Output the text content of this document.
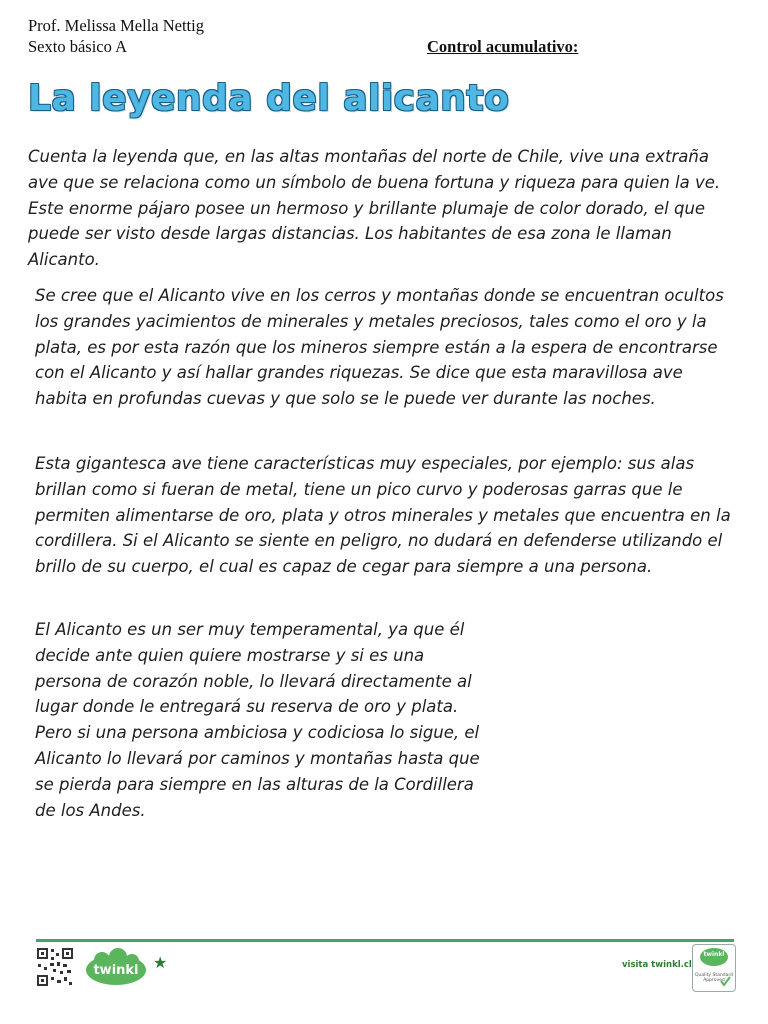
Prof. Melissa Mella Nettig
Sexto básico A	Control acumulativo:
La leyenda del alicanto

Cuenta la leyenda que, en las altas montañas del norte de Chile, vive una extraña ave que se relaciona como un símbolo de buena fortuna y riqueza para quien la ve. Este enorme pájaro posee un hermoso y brillante plumaje de color dorado, el que puede ser visto desde largas distancias. Los habitantes de esa zona le llaman Alicanto.

Se cree que el Alicanto vive en los cerros y montañas donde se encuentran ocultos los grandes yacimientos de minerales y metales preciosos, tales como el oro y la plata, es por esta razón que los mineros siempre están a la espera de encontrarse con el Alicanto y así hallar grandes riquezas. Se dice que esta maravillosa ave habita en profundas cuevas y que solo se le puede ver durante las noches.

Esta gigantesca ave tiene características muy especiales, por ejemplo: sus alas brillan como si fueran de metal, tiene un pico curvo y poderosas garras que le permiten alimentarse de oro, plata y otros minerales y metales que encuentra en la cordillera. Si el Alicanto se siente en peligro, no dudará en defenderse utilizando el brillo de su cuerpo, el cual es capaz de cegar para siempre a una persona.

El Alicanto es un ser muy temperamental, ya que él decide ante quien quiere mostrarse y si es una persona de corazón noble, lo llevará directamente al lugar donde le entregará su reserva de oro y plata. Pero si una persona ambiciosa y codiciosa lo sigue, el Alicanto lo llevará por caminos y montañas hasta que se pierda para siempre en las alturas de la Cordillera de los Andes.

twinkl ★	visita twinkl.cl
twinkl
Quality Standard Approved
